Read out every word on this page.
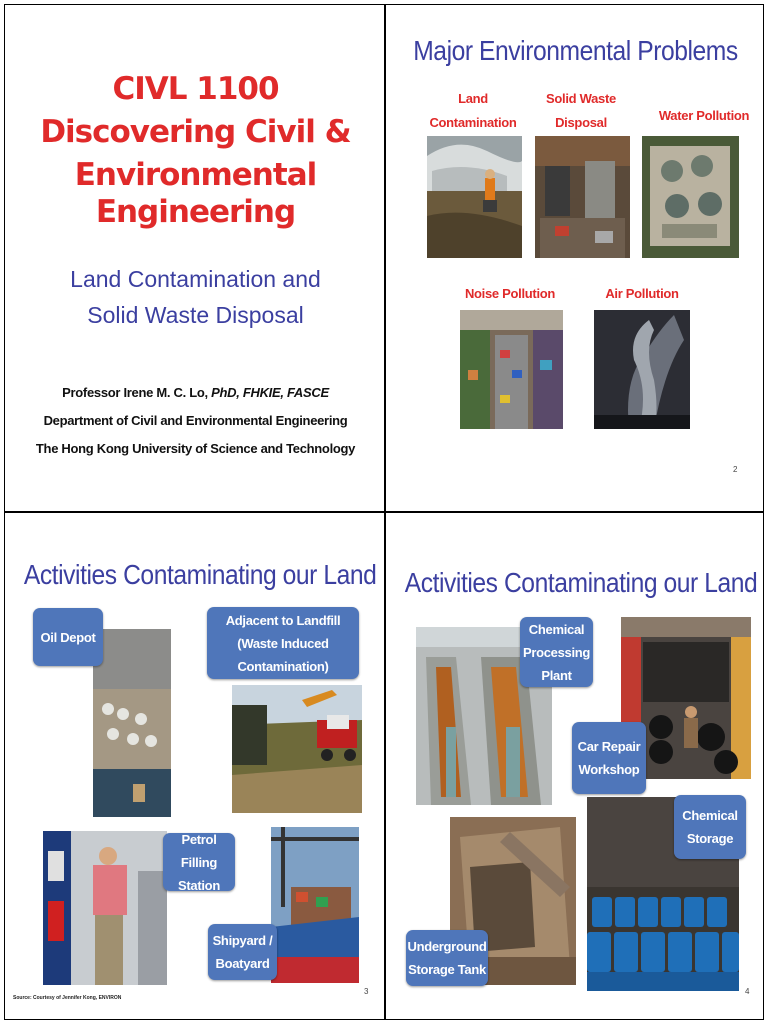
CIVL 1100
Discovering Civil &
Environmental Engineering
Land Contamination and
Solid Waste Disposal
Professor Irene M. C. Lo, PhD, FHKIE, FASCE
Department of Civil and Environmental Engineering
The Hong Kong University of Science and Technology
Major Environmental Problems
Land Contamination
Solid Waste Disposal	Water Pollution
Noise Pollution	Air Pollution
2
Activities Contaminating our Land
Oil Depot
Adjacent to Landfill (Waste Induced Contamination)
Petrol Filling Station
Shipyard / Boatyard
Source: Courtesy of Jennifer Kong, ENVIRON
3
Activities Contaminating our Land
Chemical Processing Plant
Car Repair Workshop
Chemical Storage
Underground Storage Tank
4
